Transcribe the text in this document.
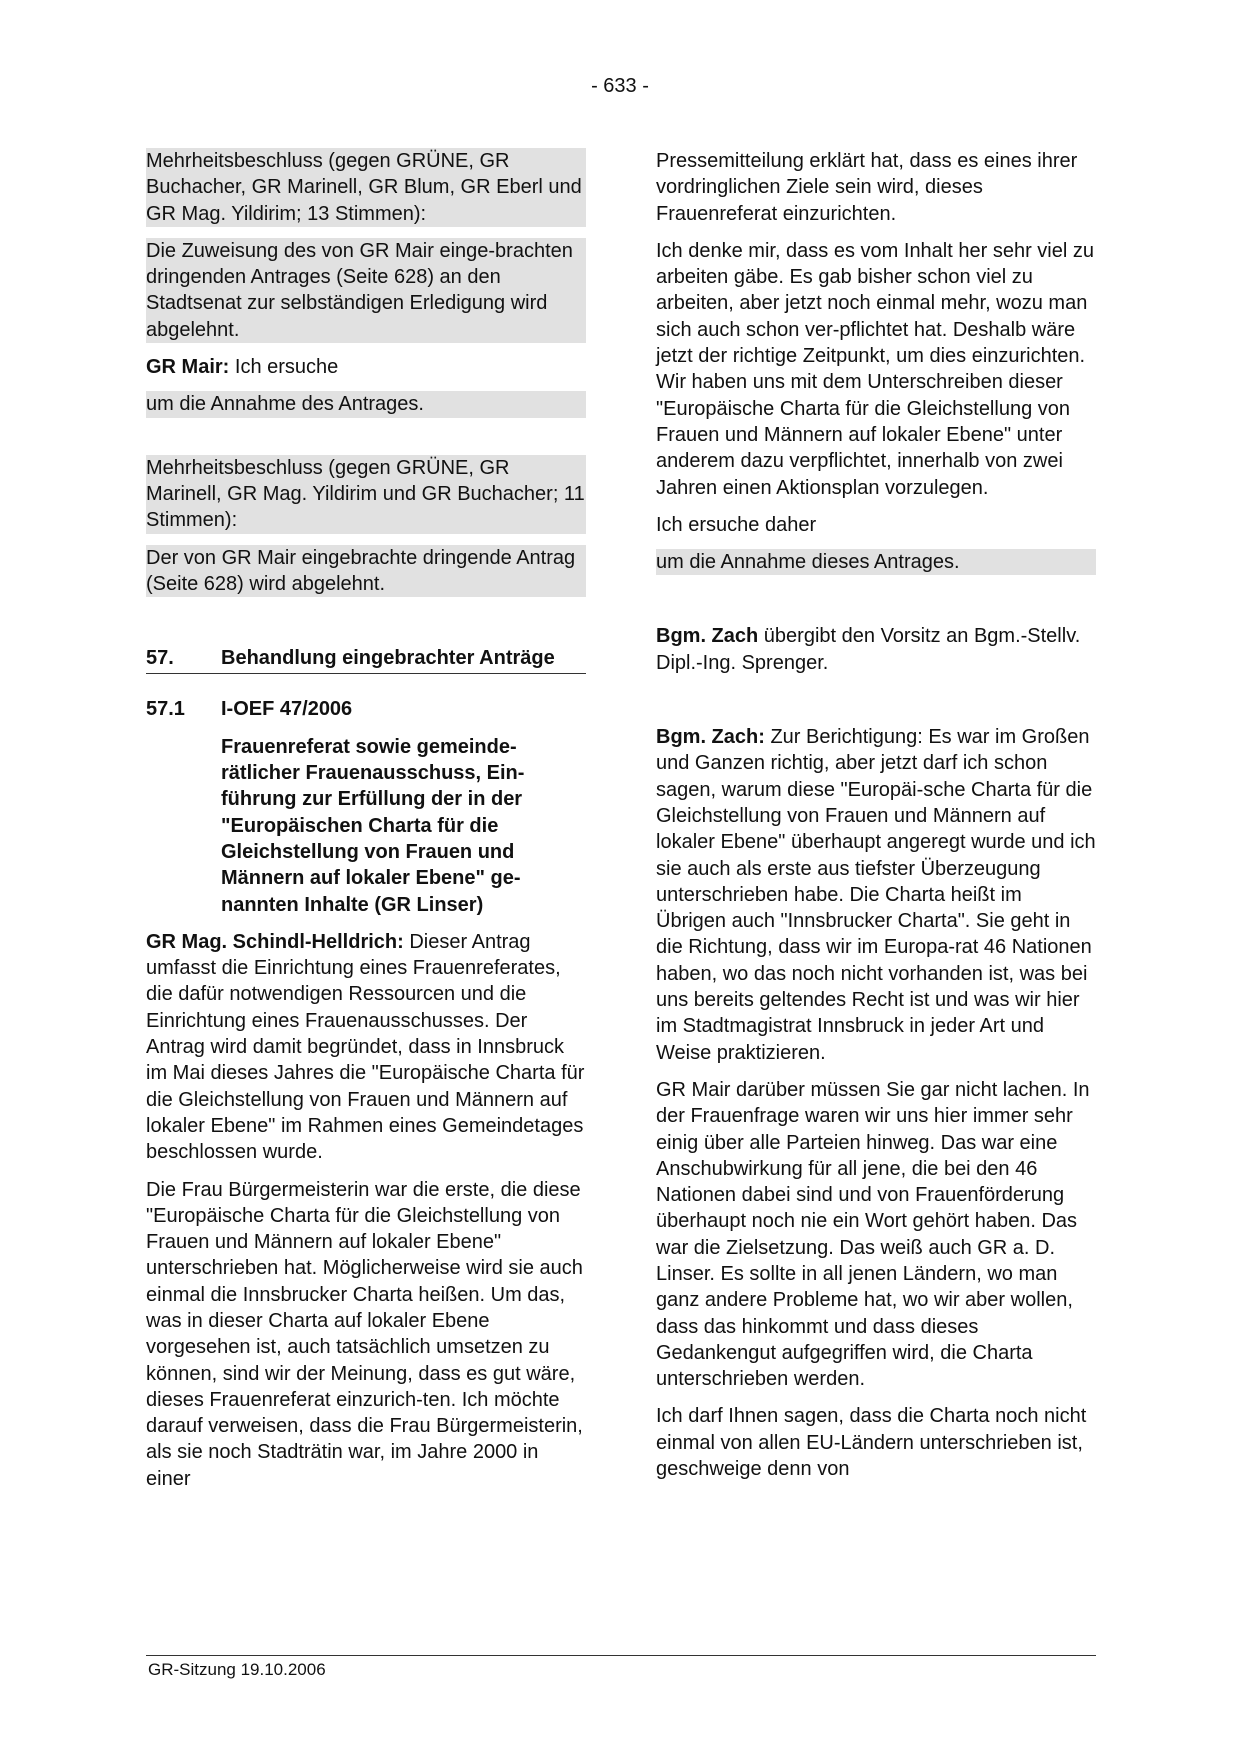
- 633 -

Mehrheitsbeschluss (gegen GRÜNE, GR Buchacher, GR Marinell, GR Blum, GR Eberl und GR Mag. Yildirim; 13 Stimmen):

Die Zuweisung des von GR Mair einge-brachten dringenden Antrages (Seite 628) an den Stadtsenat zur selbständigen Erledigung wird abgelehnt.

GR Mair: Ich ersuche

um die Annahme des Antrages.

Mehrheitsbeschluss (gegen GRÜNE, GR Marinell, GR Mag. Yildirim und GR Buchacher; 11 Stimmen):

Der von GR Mair eingebrachte dringende Antrag (Seite 628) wird abgelehnt.

57.	Behandlung eingebrachter Anträge
57.1	I-OEF 47/2006

Frauenreferat sowie gemeinde-rätlicher Frauenausschuss, Ein-führung zur Erfüllung der in der "Europäischen Charta für die Gleichstellung von Frauen und Männern auf lokaler Ebene" ge-nannten Inhalte (GR Linser)

GR Mag. Schindl-Helldrich: Dieser Antrag umfasst die Einrichtung eines Frauenreferates, die dafür notwendigen Ressourcen und die Einrichtung eines Frauenausschusses. Der Antrag wird damit begründet, dass in Innsbruck im Mai dieses Jahres die "Europäische Charta für die Gleichstellung von Frauen und Männern auf lokaler Ebene" im Rahmen eines Gemeindetages beschlossen wurde.

Die Frau Bürgermeisterin war die erste, die diese "Europäische Charta für die Gleichstellung von Frauen und Männern auf lokaler Ebene" unterschrieben hat. Möglicherweise wird sie auch einmal die Innsbrucker Charta heißen. Um das, was in dieser Charta auf lokaler Ebene vorgesehen ist, auch tatsächlich umsetzen zu können, sind wir der Meinung, dass es gut wäre, dieses Frauenreferat einzurich-ten. Ich möchte darauf verweisen, dass die Frau Bürgermeisterin, als sie noch Stadträtin war, im Jahre 2000 in einer

Pressemitteilung erklärt hat, dass es eines ihrer vordringlichen Ziele sein wird, dieses Frauenreferat einzurichten.

Ich denke mir, dass es vom Inhalt her sehr viel zu arbeiten gäbe. Es gab bisher schon viel zu arbeiten, aber jetzt noch einmal mehr, wozu man sich auch schon ver-pflichtet hat. Deshalb wäre jetzt der richtige Zeitpunkt, um dies einzurichten. Wir haben uns mit dem Unterschreiben dieser "Europäische Charta für die Gleichstellung von Frauen und Männern auf lokaler Ebene" unter anderem dazu verpflichtet, innerhalb von zwei Jahren einen Aktionsplan vorzulegen.

Ich ersuche daher

um die Annahme dieses Antrages.

Bgm. Zach übergibt den Vorsitz an Bgm.-Stellv. Dipl.-Ing. Sprenger.

Bgm. Zach: Zur Berichtigung: Es war im Großen und Ganzen richtig, aber jetzt darf ich schon sagen, warum diese "Europäi-sche Charta für die Gleichstellung von Frauen und Männern auf lokaler Ebene" überhaupt angeregt wurde und ich sie auch als erste aus tiefster Überzeugung unterschrieben habe. Die Charta heißt im Übrigen auch "Innsbrucker Charta". Sie geht in die Richtung, dass wir im Europa-rat 46 Nationen haben, wo das noch nicht vorhanden ist, was bei uns bereits geltendes Recht ist und was wir hier im Stadtmagistrat Innsbruck in jeder Art und Weise praktizieren.

GR Mair darüber müssen Sie gar nicht lachen. In der Frauenfrage waren wir uns hier immer sehr einig über alle Parteien hinweg. Das war eine Anschubwirkung für all jene, die bei den 46 Nationen dabei sind und von Frauenförderung überhaupt noch nie ein Wort gehört haben. Das war die Zielsetzung. Das weiß auch GR a. D. Linser. Es sollte in all jenen Ländern, wo man ganz andere Probleme hat, wo wir aber wollen, dass das hinkommt und dass dieses Gedankengut aufgegriffen wird, die Charta unterschrieben werden.

Ich darf Ihnen sagen, dass die Charta noch nicht einmal von allen EU-Ländern unterschrieben ist, geschweige denn von

GR-Sitzung 19.10.2006
